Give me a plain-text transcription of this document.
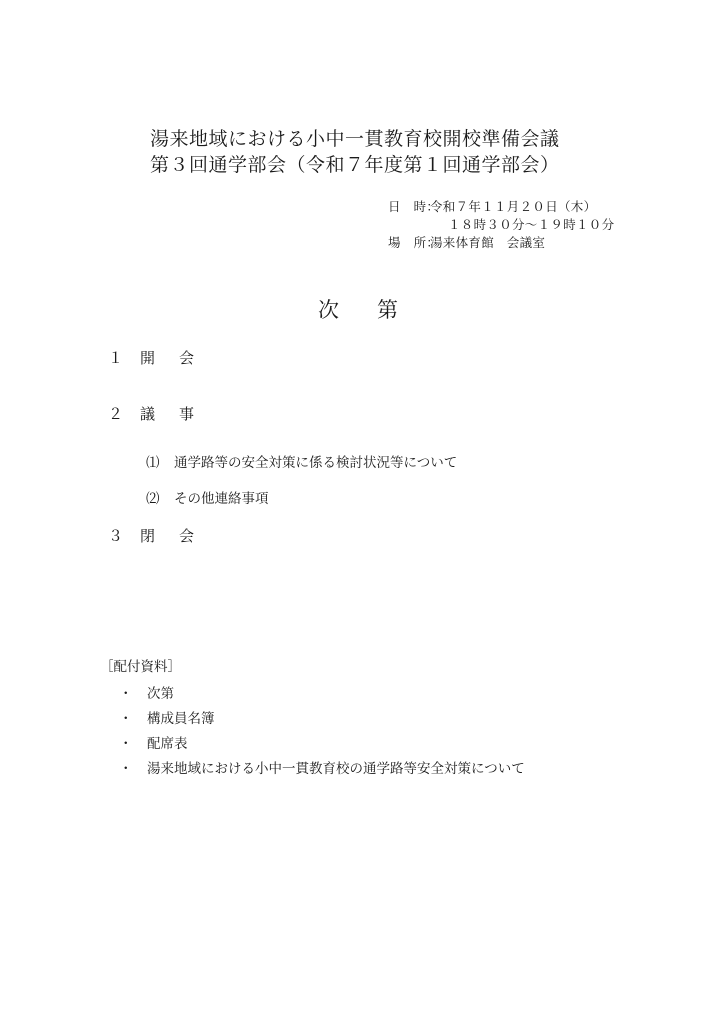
湯来地域における小中一貫教育校開校準備会議
第３回通学部会（令和７年度第１回通学部会）
日　時：
令和７年１１月２０日（木）
１８時３０分～１９時１０分
場　所：
湯来体育館　会議室
次第
１ 開会
２ 議事
⑴ 通学路等の安全対策に係る検討状況等について
⑵ その他連絡事項
３ 閉会
［配付資料］
・ 次第
・ 構成員名簿
・ 配席表
・ 湯来地域における小中一貫教育校の通学路等安全対策について
